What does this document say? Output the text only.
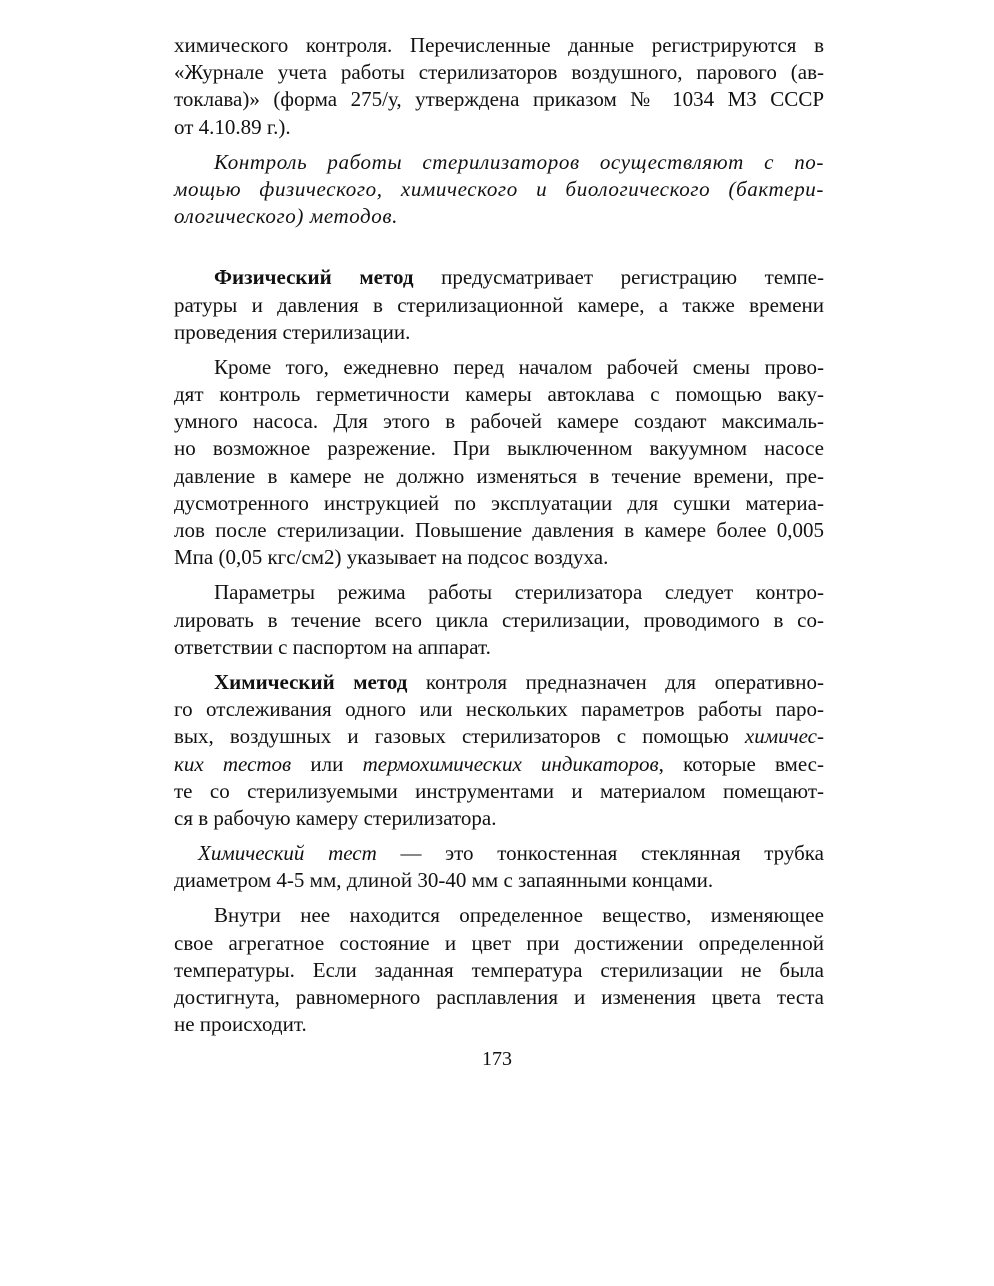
химического контроля. Перечисленные данные регистрируются в
«Журнале учета работы стерилизаторов воздушного, парового (ав-
токлава)» (форма 275/у, утверждена приказом № 1034 МЗ СССР
от 4.10.89 г.).
Контроль работы стерилизаторов осуществляют с по-
мощью физического, химического и биологического (бактери-
ологического) методов.
Физический метод предусматривает регистрацию темпе-
ратуры и давления в стерилизационной камере, а также времени
проведения стерилизации.
Кроме того, ежедневно перед началом рабочей смены прово-
дят контроль герметичности камеры автоклава с помощью ваку-
умного насоса. Для этого в рабочей камере создают максималь-
но возможное разрежение. При выключенном вакуумном насосе
давление в камере не должно изменяться в течение времени, пре-
дусмотренного инструкцией по эксплуатации для сушки материа-
лов после стерилизации. Повышение давления в камере более 0,005
Мпа (0,05 кгс/см2) указывает на подсос воздуха.
Параметры режима работы стерилизатора следует контро-
лировать в течение всего цикла стерилизации, проводимого в со-
ответствии с паспортом на аппарат.
Химический метод контроля предназначен для оперативно-
го отслеживания одного или нескольких параметров работы паро-
вых, воздушных и газовых стерилизаторов с помощью химичес-
ких тестов или термохимических индикаторов, которые вмес-
те со стерилизуемыми инструментами и материалом помещают-
ся в рабочую камеру стерилизатора.
Химический тест — это тонкостенная стеклянная трубка
диаметром 4-5 мм, длиной 30-40 мм с запаянными концами.
Внутри нее находится определенное вещество, изменяющее
свое агрегатное состояние и цвет при достижении определенной
температуры. Если заданная температура стерилизации не была
достигнута, равномерного расплавления и изменения цвета теста
не происходит.
173
